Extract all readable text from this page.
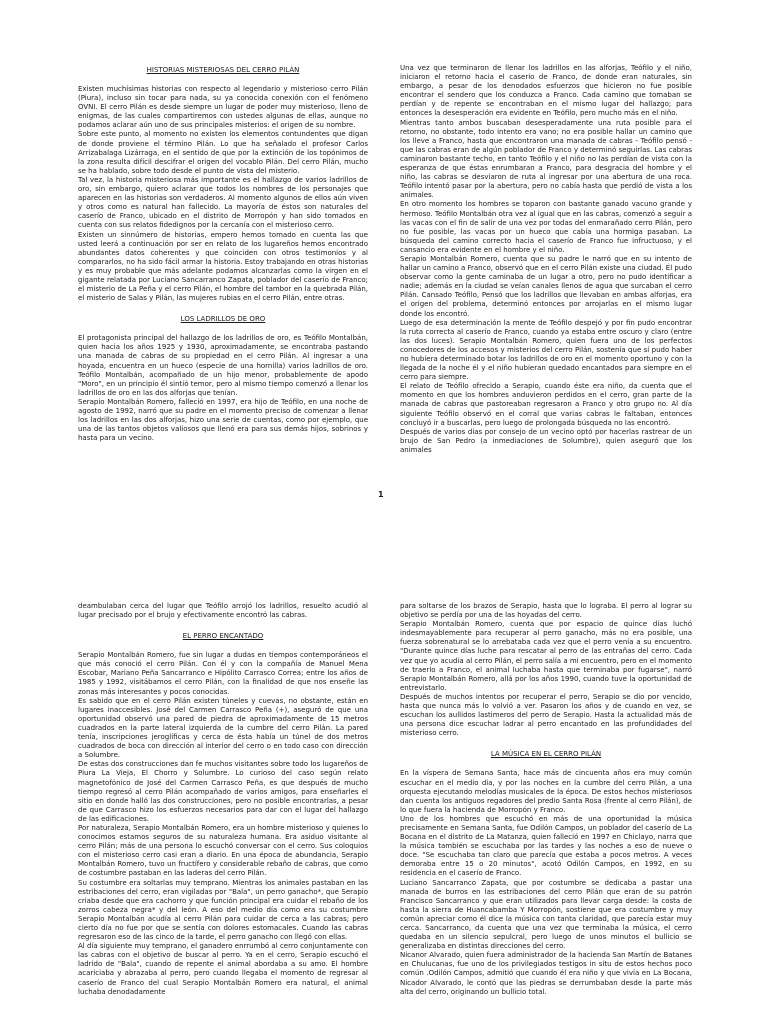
HISTORIAS MISTERIOSAS DEL CERRO PILÁN

Existen muchísimas historias con respecto al legendario y misterioso cerro Pilán (Piura), incluso sin tocar para nada, su ya conocida conexión con el fenómeno OVNI. El cerro Pilán es desde siempre un lugar de poder muy misterioso, lleno de enigmas, de las cuales compartiremos con ustedes algunas de ellas, aunque no podamos aclarar aún uno de sus principales misterios: el origen de su nombre.

Sobre este punto, al momento no existen los elementos contundentes que digan de donde proviene el término Pilán. Lo que ha señalado el profesor Carlos Arrizabalaga Lizárraga, en el sentido de que por la extinción de los topónimos de la zona resulta difícil descifrar el origen del vocablo Pilán. Del cerro Pilán, mucho se ha hablado, sobre todo desde el punto de vista del misterio.

Tal vez, la historia misteriosa más importante es el hallazgo de varios ladrillos de oro, sin embargo, quiero aclarar que todos los nombres de los personajes que aparecen en las historias son verdaderos. Al momento algunos de ellos aún viven y otros como es natural han fallecido. La mayoría de éstos son naturales del caserío de Franco, ubicado en el distrito de Morropón y han sido tomados en cuenta con sus relatos fidedignos por la cercanía con el misterioso cerro.

Existen un sinnúmero de historias, empero hemos tomado en cuenta las que usted leerá a continuación por ser en relato de los lugareños hemos encontrado abundantes datos coherentes y que coinciden con otros testimonios y al compararlos, no ha sido fácil armar la historia. Estoy trabajando en otras historias y es muy probable que más adelante podamos alcanzarlas como la virgen en el gigante relatada por Luciano Sancarranco Zapata, poblador del caserío de Franco; el misterio de La Peña y el cerro Pilán, el hombre del tambor en la quebrada Pilán, el misterio de Salas y Pilán, las mujeres rubias en el cerro Pilán, entre otras.

LOS LADRILLOS DE ORO

El protagonista principal del hallazgo de los ladrillos de oro, es Teófilo Montalbán, quien hacia los años 1925 y 1930, aproximadamente, se encontraba pastando una manada de cabras de su propiedad en el cerro Pilán. Al ingresar a una hoyada, encuentra en un hueco (especie de una hornilla) varios ladrillos de oro. Teófilo Montalbán, acompañado de un hijo menor, probablemente de apodo "Moro", en un principio él sintió temor, pero al mismo tiempo comenzó a llenar los ladrillos de oro en las dos alforjas que tenían.

Serapio Montalbán Romero, falleció en 1997, era hijo de Teófilo, en una noche de agosto de 1992, narró que su padre en el momento preciso de comenzar a llenar los ladrillos en las dos alforjas, hizo una serie de cuentas, como por ejemplo, que una de las tantos objetos valiosos que llenó era para sus demás hijos, sobrinos y hasta para un vecino.

Una vez que terminaron de llenar los ladrillos en las alforjas, Teófilo y el niño, iniciaron el retorno hacia el caserío de Franco, de donde eran naturales, sin embargo, a pesar de los denodados esfuerzos que hicieron no fue posible encontrar el sendero que los conduzca a Franco. Cada camino que tomaban se perdían y de repente se encontraban en el mismo lugar del hallazgo; para entonces la desesperación era evidente en Teófilo, pero mucho más en el niño.

Mientras tanto ambos buscaban desesperadamente una ruta posible para el retorno, no obstante, todo intento era vano; no era posible hallar un camino que los lleve a Franco, hasta que encontraron una manada de cabras - Teófilo pensó - que las cabras eran de algún poblador de Franco y determinó seguirlas. Las cabras caminaron bastante techo, en tanto Teófilo y el niño no las perdían de vista con la esperanza de que éstas enrumbaran a Franco, para desgracia del hombre y el niño, las cabras se desviaron de ruta al ingresar por una abertura de una roca. Teófilo intentó pasar por la abertura, pero no cabía hasta que perdió de vista a los animales.

En otro momento los hombres se toparon con bastante ganado vacuno grande y hermoso. Teófilo Montalbán otra vez al igual que en las cabras, comenzó a seguir a las vacas con el fin de salir de una vez por todas del enmarañado cerro Pilán, pero no fue posible, las vacas por un hueco que cabía una hormiga pasaban. La búsqueda del camino correcto hacia el caserío de Franco fue infructuoso, y el cansancio era evidente en el hombre y el niño.

Serapio Montalbán Romero, cuenta que su padre le narró que en su intento de hallar un camino a Franco, observó que en el cerro Pilán existe una ciudad. Él pudo observar como la gente caminaba de un lugar a otro, pero no pudo identificar a nadie; además en la ciudad se veían canales llenos de agua que surcaban el cerro Pilán. Cansado Teófilo, Pensó que los ladrillos que llevaban en ambas alforjas, era el origen del problema, determinó entonces por arrojarlas en el mismo lugar donde los encontró.

Luego de esa determinación la mente de Teófilo despejó y por fin pudo encontrar la ruta correcta al caserío de Franco, cuando ya estaba entre oscuro y claro (entre las dos luces). Serapio Montalbán Romero, quien fuera uno de los perfectos conocedores de los accesos y misterios del cerro Pilán, sostenía que sí pudo haber no hubiera determinado botar los ladrillos de oro en el momento oportuno y con la llegada de la noche él y el niño hubieran quedado encantados para siempre en el cerro para siempre.

El relato de Teófilo ofrecido a Serapio, cuando éste era niño, da cuenta que el momento en que los hombres anduvieron perdidos en el cerro, gran parte de la manada de cabras que pastoreaban regresaron a Franco y otro grupo no. Al día siguiente Teófilo observó en el corral que varias cabras le faltaban, entonces concluyó ir a buscarlas, pero luego de prolongada búsqueda no las encontró.

Después de varios días por consejo de un vecino optó por hacerlas rastrear de un brujo de San Pedro (a inmediaciones de Solumbre), quien aseguró que los animales

1

deambulaban cerca del lugar que Teófilo arrojó los ladrillos, resuelto acudió al lugar precisado por el brujo y efectivamente encontró las cabras.

EL PERRO ENCANTADO

Serapio Montalbán Romero, fue sin lugar a dudas en tiempos contemporáneos el que más conoció el cerro Pilán. Con él y con la compañía de Manuel Mena Escobar, Mariano Peña Sancarranco e Hipólito Carrasco Correa; entre los años de 1985 y 1992, visitábamos el cerro Pilán, con la finalidad de que nos enseñe las zonas más interesantes y pocos conocidas.

Es sabido que en el cerro Pilán existen túneles y cuevas, no obstante, están en lugares inaccesibles. José del Carmen Carrasco Peña (+), aseguró de que una oportunidad observó una pared de piedra de aproximadamente de 15 metros cuadrados en la parte lateral izquierda de la cumbre del cerro Pilán. La pared tenía, inscripciones jeroglíficas y cerca de ésta había un túnel de dos metros cuadrados de boca con dirección al interior del cerro o en todo caso con dirección a Solumbre.

De estas dos construcciones dan fe muchos visitantes sobre todo los lugareños de Piura La Vieja, El Chorro y Solumbre. Lo curioso del caso según relato magnetofónico de José del Carmen Carrasco Peña, es que después de mucho tiempo regresó al cerro Pilán acompañado de varios amigos, para enseñarles el sitio en donde halló las dos construcciones, pero no posible encontrarlas, a pesar de que Carrasco hizo los esfuerzos necesarios para dar con el lugar del hallazgo de las edificaciones.

Por naturaleza, Serapio Montalbán Romero, era un hombre misterioso y quienes lo conocimos estamos seguros de su naturaleza humana. Era asiduo visitante al cerro Pilán; más de una persona lo escuchó conversar con el cerro. Sus coloquios con el misterioso cerro casi eran a diario. En una época de abundancia, Serapio Montalbán Romero, tuvo un fructífero y considerable rebaño de cabras, que como de costumbre pastaban en las laderas del cerro Pilán.

Su costumbre era soltarlas muy temprano. Mientras los animales pastaban en las estribaciones del cerro, eran vigiladas por "Bala", un perro ganacho*, que Serapio criaba desde que era cachorro y que función principal era cuidar el rebaño de los zorros cabeza negra* y del león. A eso del medio día como era su costumbre Serapio Montalbán acudía al cerro Pilán para cuidar de cerca a las cabras; pero cierto día no fue por que se sentía con dolores estomacales. Cuando las cabras regresaron eso de las cinco de la tarde, el perro ganacho con llegó con ellas.

Al día siguiente muy temprano, el ganadero enrrumbó al cerro conjuntamente con las cabras con el objetivo de buscar al perro. Ya en el cerro, Serapio escuchó el ladrido de "Bala", cuando de repente el animal abordaba a su amo. El hombre acariciaba y abrazaba al perro, pero cuando llegaba el momento de regresar al caserío de Franco del cual Serapio Montalbán Romero era natural, el animal luchaba denodadamente

para soltarse de los brazos de Serapio, hasta que lo lograba. El perro al lograr su objetivo se perdía por una de las hoyadas del cerro.

Serapio Montalbán Romero, cuenta que por espacio de quince días luchó indesmayablemente para recuperar al perro ganacho, más no era posible, una fuerza sobrenatural se lo arrebataba cada vez que el perro venía a su encuentro. "Durante quince días luche para rescatar al perro de las entrañas del cerro. Cada vez que yo acudía al cerro Pilán, el perro salía a mi encuentro, pero en el momento de traerlo a Franco, el animal luchaba hasta que terminaba por fugarse", narró Serapio Montalbán Romero, allá por los años 1990, cuando tuve la oportunidad de entrevistarlo.

Después de muchos intentos por recuperar el perro, Serapio se dio por vencido, hasta que nunca más lo volvió a ver. Pasaron los años y de cuando en vez, se escuchan los aullidos lastimeros del perro de Serapio. Hasta la actualidad más de una persona dice escuchar ladrar al perro encantado en las profundidades del misterioso cerro.

LA MÚSICA EN EL CERRO PILÁN

En la víspera de Semana Santa, hace más de cincuenta años era muy común escuchar en el medio día, y por las noches en la cumbre del cerro Pilán, a una orquesta ejecutando melodías musicales de la época. De estos hechos misteriosos dan cuenta los antiguos regadores del predio Santa Rosa (frente al cerro Pilán), de lo que fuera la hacienda de Morropón y Franco.

Uno de los hombres que escuchó en más de una oportunidad la música precisamente en Semana Santa, fue Odilón Campos, un poblador del caserío de La Bocana en el distrito de La Matanza, quien falleció en 1997 en Chiclayo, narra que la música también se escuchaba por las tardes y las noches a eso de nueve o doce. "Se escuchaba tan claro que parecía que estaba a pocos metros. A veces demoraba entre 15 o 20 minutos", acotó Odilón Campos, en 1992, en su residencia en el caserío de Franco.

Luciano Sancarranco Zapata, que por costumbre se dedicaba a pastar una manada de burros en las estribaciones del cerro Pilán que eran de su patrón Francisco Sancarranco y que eran utilizados para llevar carga desde: la costa de hasta la sierra de Huancabamba Y Morropón, sostiene que era costumbre y muy común apreciar como él dice la música con tanta claridad, que parecía estar muy cerca. Sancarranco, da cuenta que una vez que terminaba la música, el cerro quedaba en un silencio sepulcral, pero luego de unos minutos el bullicio se generalizaba en distintas direcciones del cerro.

Nicanor Alvarado, quien fuera administrador de la hacienda San Martín de Batanes en Chulucanas, fue uno de los privilegiados testigos in situ de estos hechos poco común .Odilón Campos, admitió que cuando él era niño y que vivía en La Bocana, Nicador Alvarado, le contó que las piedras se derrumbaban desde la parte más alta del cerro, originando un bullicio total.
